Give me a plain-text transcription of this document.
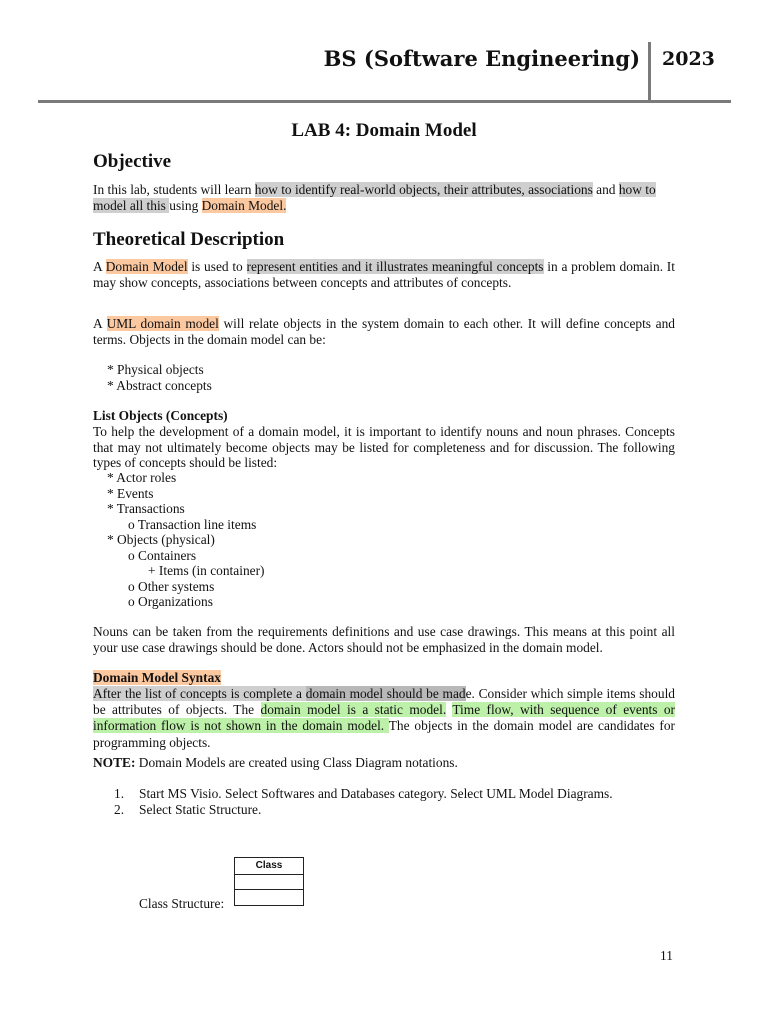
BS (Software Engineering) 2023
LAB 4: Domain Model
Objective
In this lab, students will learn how to identify real-world objects, their attributes, associations and how to model all this using Domain Model.
Theoretical Description
A Domain Model is used to represent entities and it illustrates meaningful concepts in a problem domain. It may show concepts, associations between concepts and attributes of concepts.
A UML domain model will relate objects in the system domain to each other. It will define concepts and terms. Objects in the domain model can be:
* Physical objects
* Abstract concepts
List Objects (Concepts)
To help the development of a domain model, it is important to identify nouns and noun phrases. Concepts that may not ultimately become objects may be listed for completeness and for discussion. The following types of concepts should be listed:
* Actor roles
* Events
* Transactions
o Transaction line items
* Objects (physical)
o Containers
+ Items (in container)
o Other systems
o Organizations
Nouns can be taken from the requirements definitions and use case drawings. This means at this point all your use case drawings should be done. Actors should not be emphasized in the domain model.
Domain Model Syntax
After the list of concepts is complete a domain model should be made. Consider which simple items should be attributes of objects. The domain model is a static model. Time flow, with sequence of events or information flow is not shown in the domain model. The objects in the domain model are candidates for programming objects.
NOTE: Domain Models are created using Class Diagram notations.
1. Start MS Visio. Select Softwares and Databases category. Select UML Model Diagrams.
2. Select Static Structure.
Class Structure:
Class
11
